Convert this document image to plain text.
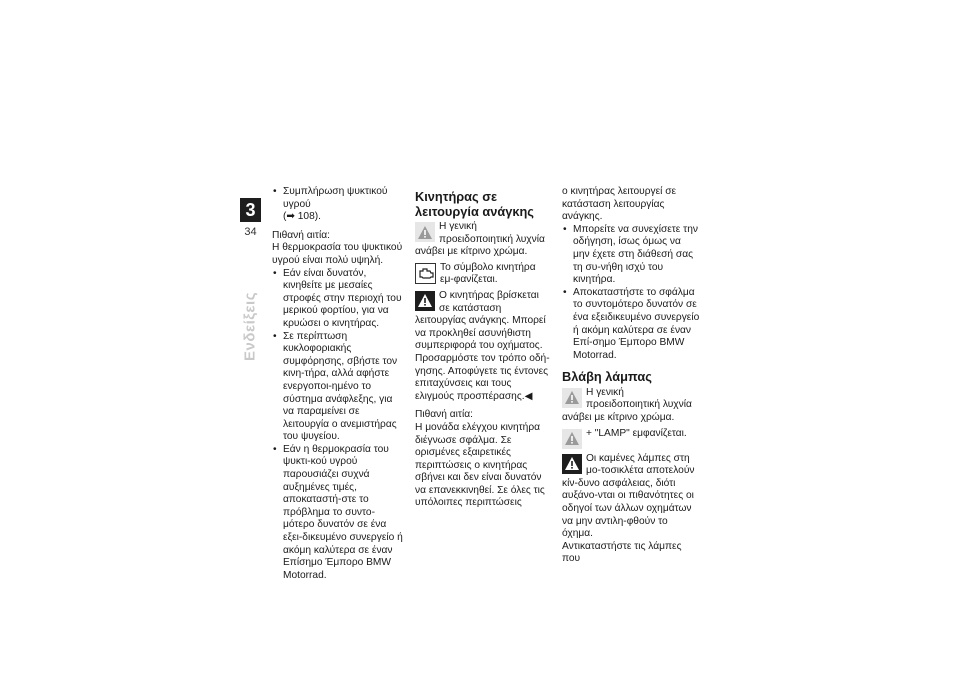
3
34
Ενδείξεις

• Συμπλήρωση ψυκτικού υγρού
(➡ 108).

Πιθανή αιτία:

Η θερμοκρασία του ψυκτικού υγρού είναι πολύ υψηλή.

• Εάν είναι δυνατόν, κινηθείτε με μεσαίες στροφές στην περιοχή του μερικού φορτίου, για να κρυώσει ο κινητήρας.

• Σε περίπτωση κυκλοφοριακής συμφόρησης, σβήστε τον κινη-τήρα, αλλά αφήστε ενεργοποι-ημένο το σύστημα ανάφλεξης, για να παραμείνει σε λειτουργία ο ανεμιστήρας του ψυγείου.

• Εάν η θερμοκρασία του ψυκτι-κού υγρού παρουσιάζει συχνά αυξημένες τιμές, αποκαταστή-στε το πρόβλημα το συντο-μότερο δυνατόν σε ένα εξει-δικευμένο συνεργείο ή ακόμη καλύτερα σε έναν Επίσημο Έμπορο BMW Motorrad.

Κινητήρας σε λειτουργία ανάγκης

Η γενική προειδοποιητική λυχνία ανάβει με κίτρινο χρώμα.

Το σύμβολο κινητήρα εμ-φανίζεται.

Ο κινητήρας βρίσκεται σε κατάσταση λειτουργίας ανάγκης. Μπορεί να προκληθεί ασυνήθιστη συμπεριφορά του οχήματος.

Προσαρμόστε τον τρόπο οδή-γησης. Αποφύγετε τις έντονες επιταχύνσεις και τους ελιγμούς προσπέρασης.◀

Πιθανή αιτία:

Η μονάδα ελέγχου κινητήρα διέγνωσε σφάλμα. Σε ορισμένες εξαιρετικές περιπτώσεις ο κινητήρας σβήνει και δεν είναι δυνατόν να επανεκκινηθεί. Σε όλες τις υπόλοιπες περιπτώσεις

ο κινητήρας λειτουργεί σε κατάσταση λειτουργίας ανάγκης.

• Μπορείτε να συνεχίσετε την οδήγηση, ίσως όμως να μην έχετε στη διάθεσή σας τη συ-νήθη ισχύ του κινητήρα.

• Αποκαταστήστε το σφάλμα το συντομότερο δυνατόν σε ένα εξειδικευμένο συνεργείο ή ακόμη καλύτερα σε έναν Επί-σημο Έμπορο BMW Motorrad.

Βλάβη λάμπας

Η γενική προειδοποιητική λυχνία ανάβει με κίτρινο χρώμα.

+ "LAMP" εμφανίζεται.

Οι καμένες λάμπες στη μο-τοσικλέτα αποτελούν κίν-δυνο ασφάλειας, διότι αυξάνο-νται οι πιθανότητες οι οδηγοί των άλλων οχημάτων να μην αντιλη-φθούν το όχημα.

Αντικαταστήστε τις λάμπες που
